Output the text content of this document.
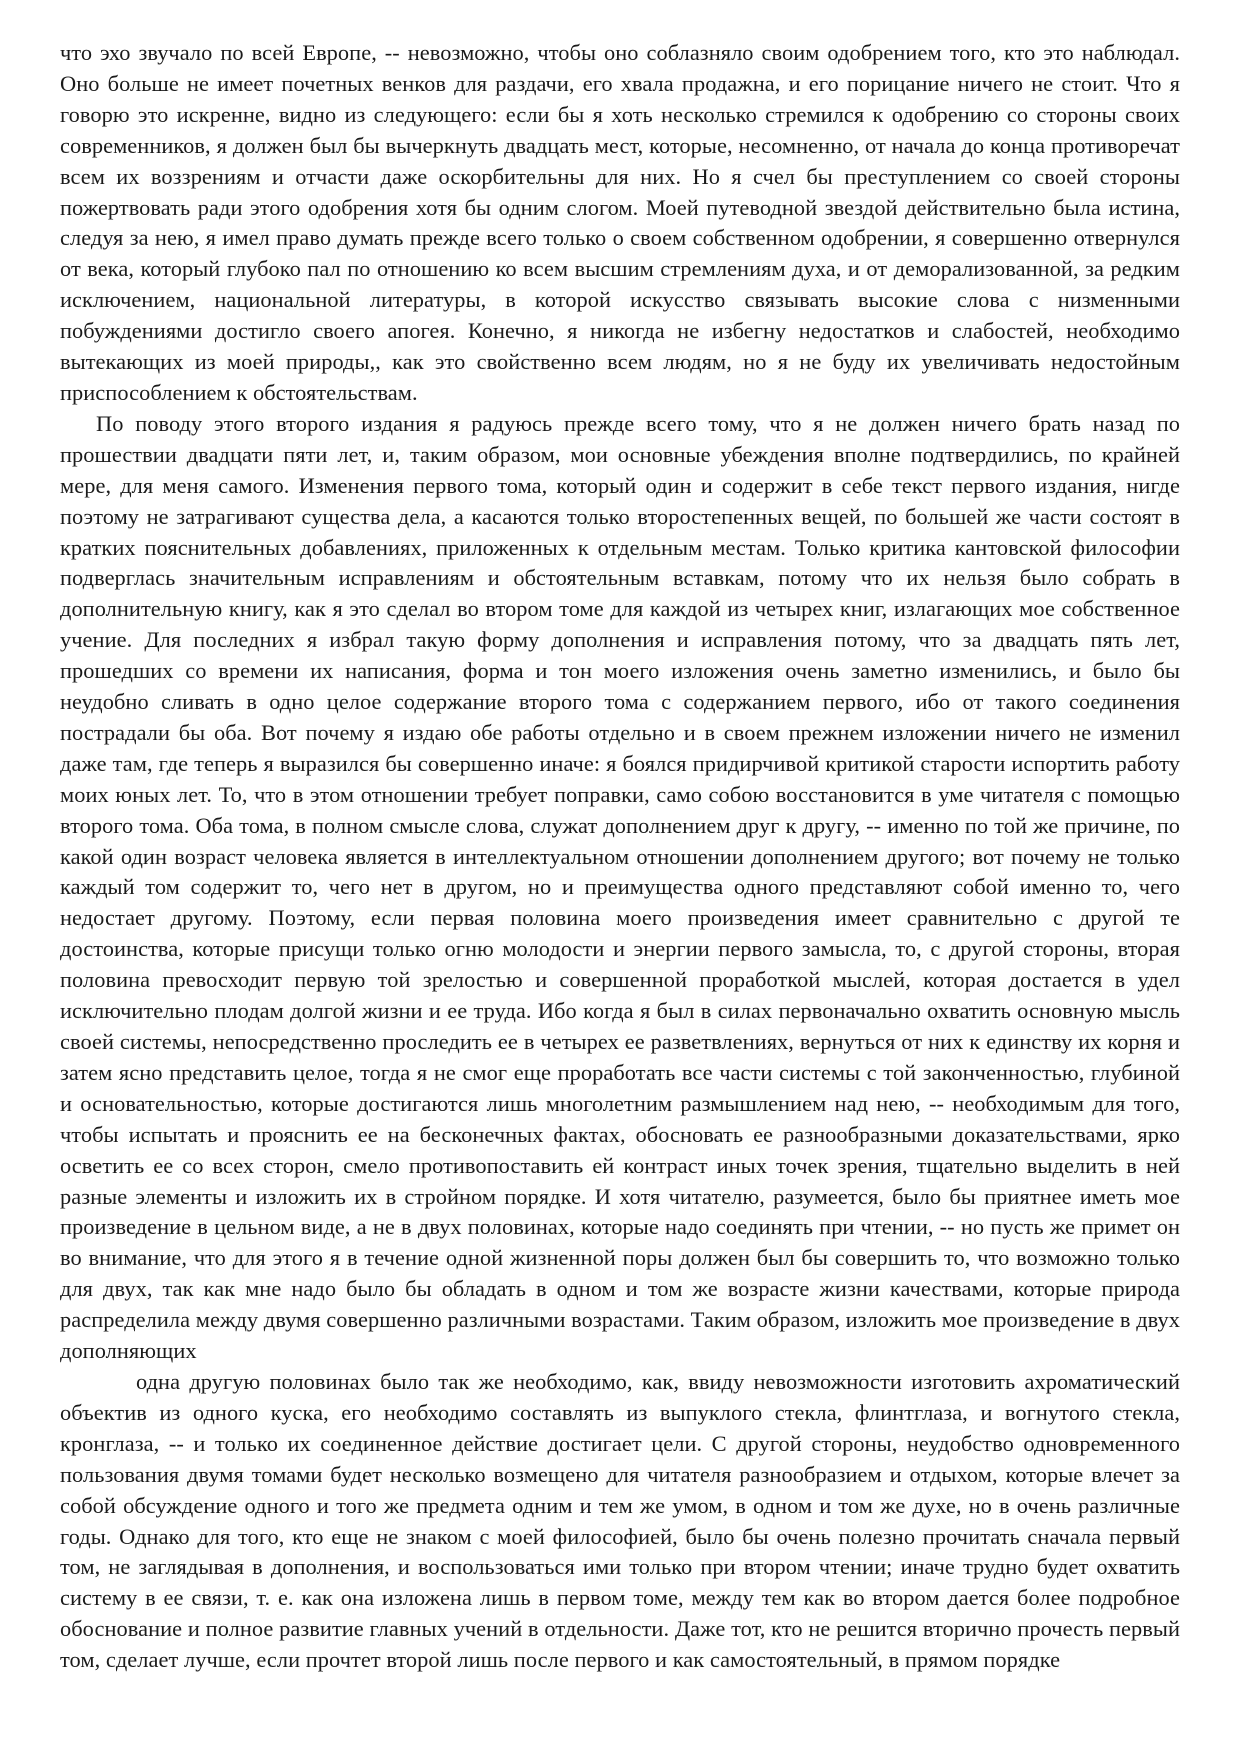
что эхо звучало по всей Европе, -- невозможно, чтобы оно соблазняло своим одобрением того, кто это наблюдал. Оно больше не имеет почетных венков для раздачи, его хвала продажна, и его порицание ничего не стоит. Что я говорю это искренне, видно из следующего: если бы я хоть несколько стремился к одобрению со стороны своих современников, я должен был бы вычеркнуть двадцать мест, которые, несомненно, от начала до конца противоречат всем их воззрениям и отчасти даже оскорбительны для них. Но я счел бы преступлением со своей стороны пожертвовать ради этого одобрения хотя бы одним слогом. Моей путеводной звездой действительно была истина, следуя за нею, я имел право думать прежде всего только о своем собственном одобрении, я совершенно отвернулся от века, который глубоко пал по отношению ко всем высшим стремлениям духа, и от деморализованной, за редким исключением, национальной литературы, в которой искусство связывать высокие слова с низменными побуждениями достигло своего апогея. Конечно, я никогда не избегну недостатков и слабостей, необходимо вытекающих из моей природы,, как это свойственно всем людям, но я не буду их увеличивать недостойным приспособлением к обстоятельствам.

По поводу этого второго издания я радуюсь прежде всего тому, что я не должен ничего брать назад по прошествии двадцати пяти лет, и, таким образом, мои основные убеждения вполне подтвердились, по крайней мере, для меня самого. Изменения первого тома, который один и содержит в себе текст первого издания, нигде поэтому не затрагивают существа дела, а касаются только второстепенных вещей, по большей же части состоят в кратких пояснительных добавлениях, приложенных к отдельным местам. Только критика кантовской философии подверглась значительным исправлениям и обстоятельным вставкам, потому что их нельзя было собрать в дополнительную книгу, как я это сделал во втором томе для каждой из четырех книг, излагающих мое собственное учение. Для последних я избрал такую форму дополнения и исправления потому, что за двадцать пять лет, прошедших со времени их написания, форма и тон моего изложения очень заметно изменились, и было бы неудобно сливать в одно целое содержание второго тома с содержанием первого, ибо от такого соединения пострадали бы оба. Вот почему я издаю обе работы отдельно и в своем прежнем изложении ничего не изменил даже там, где теперь я выразился бы совершенно иначе: я боялся придирчивой критикой старости испортить работу моих юных лет. То, что в этом отношении требует поправки, само собою восстановится в уме читателя с помощью второго тома. Оба тома, в полном смысле слова, служат дополнением друг к другу, -- именно по той же причине, по какой один возраст человека является в интеллектуальном отношении дополнением другого; вот почему не только каждый том содержит то, чего нет в другом, но и преимущества одного представляют собой именно то, чего недостает другому. Поэтому, если первая половина моего произведения имеет сравнительно с другой те достоинства, которые присущи только огню молодости и энергии первого замысла, то, с другой стороны, вторая половина превосходит первую той зрелостью и совершенной проработкой мыслей, которая достается в удел исключительно плодам долгой жизни и ее труда. Ибо когда я был в силах первоначально охватить основную мысль своей системы, непосредственно проследить ее в четырех ее разветвлениях, вернуться от них к единству их корня и затем ясно представить целое, тогда я не смог еще проработать все части системы с той законченностью, глубиной и основательностью, которые достигаются лишь многолетним размышлением над нею, -- необходимым для того, чтобы испытать и прояснить ее на бесконечных фактах, обосновать ее разнообразными доказательствами, ярко осветить ее со всех сторон, смело противопоставить ей контраст иных точек зрения, тщательно выделить в ней разные элементы и изложить их в стройном порядке. И хотя читателю, разумеется, было бы приятнее иметь мое произведение в цельном виде, а не в двух половинах, которые надо соединять при чтении, -- но пусть же примет он во внимание, что для этого я в течение одной жизненной поры должен был бы совершить то, что возможно только для двух, так как мне надо было бы обладать в одном и том же возрасте жизни качествами, которые природа распределила между двумя совершенно различными возрастами. Таким образом, изложить мое произведение в двух дополняющих

одна другую половинах было так же необходимо, как, ввиду невозможности изготовить ахроматический объектив из одного куска, его необходимо составлять из выпуклого стекла, флинтглаза, и вогнутого стекла, кронглаза, -- и только их соединенное действие достигает цели. С другой стороны, неудобство одновременного пользования двумя томами будет несколько возмещено для читателя разнообразием и отдыхом, которые влечет за собой обсуждение одного и того же предмета одним и тем же умом, в одном и том же духе, но в очень различные годы. Однако для того, кто еще не знаком с моей философией, было бы очень полезно прочитать сначала первый том, не заглядывая в дополнения, и воспользоваться ими только при втором чтении; иначе трудно будет охватить систему в ее связи, т. е. как она изложена лишь в первом томе, между тем как во втором дается более подробное обоснование и полное развитие главных учений в отдельности. Даже тот, кто не решится вторично прочесть первый том, сделает лучше, если прочтет второй лишь после первого и как самостоятельный, в прямом порядке
